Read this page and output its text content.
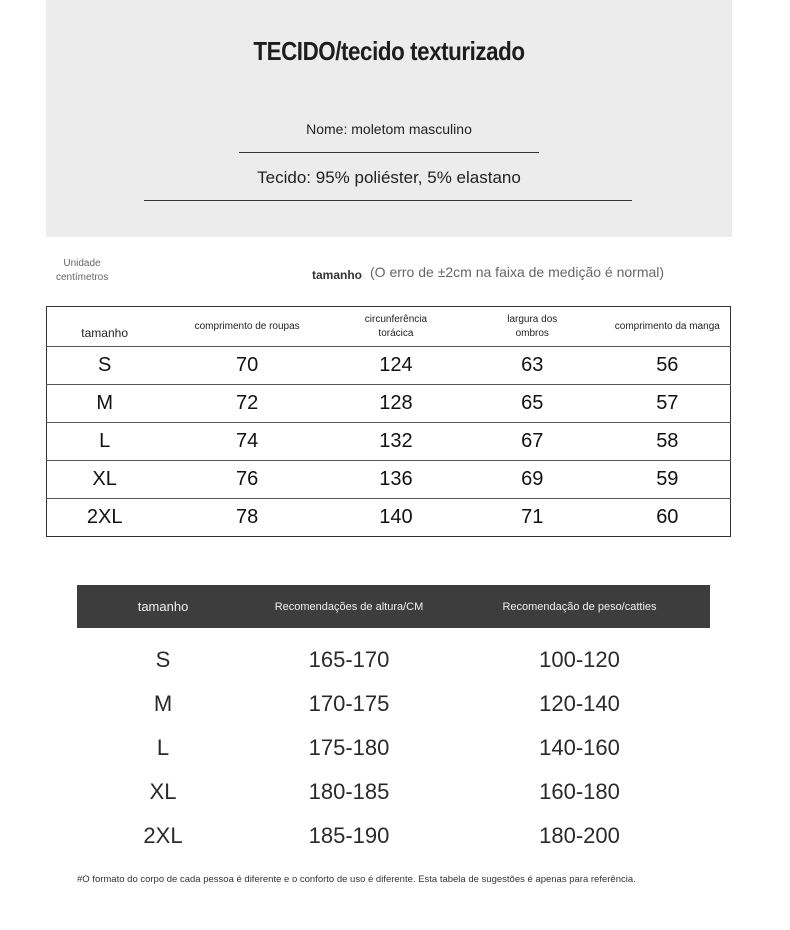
TECIDO/tecido texturizado
Nome: moletom masculino
Tecido: 95% poliéster, 5% elastano
Unidade
centímetros	tamanho (O erro de ±2cm na faixa de medição é normal)
tamanho	comprimento de roupas	circunferência torácica	largura dos ombros	comprimento da manga
S	70	124	63	56
M	72	128	65	57
L	74	132	67	58
XL	76	136	69	59
2XL	78	140	71	60
tamanho	Recomendações de altura/CM	Recomendação de peso/catties
S	165-170	100-120
M	170-175	120-140
L	175-180	140-160
XL	180-185	160-180
2XL	185-190	180-200
#O formato do corpo de cada pessoa é diferente e o conforto de uso é diferente. Esta tabela de sugestões é apenas para referência.
